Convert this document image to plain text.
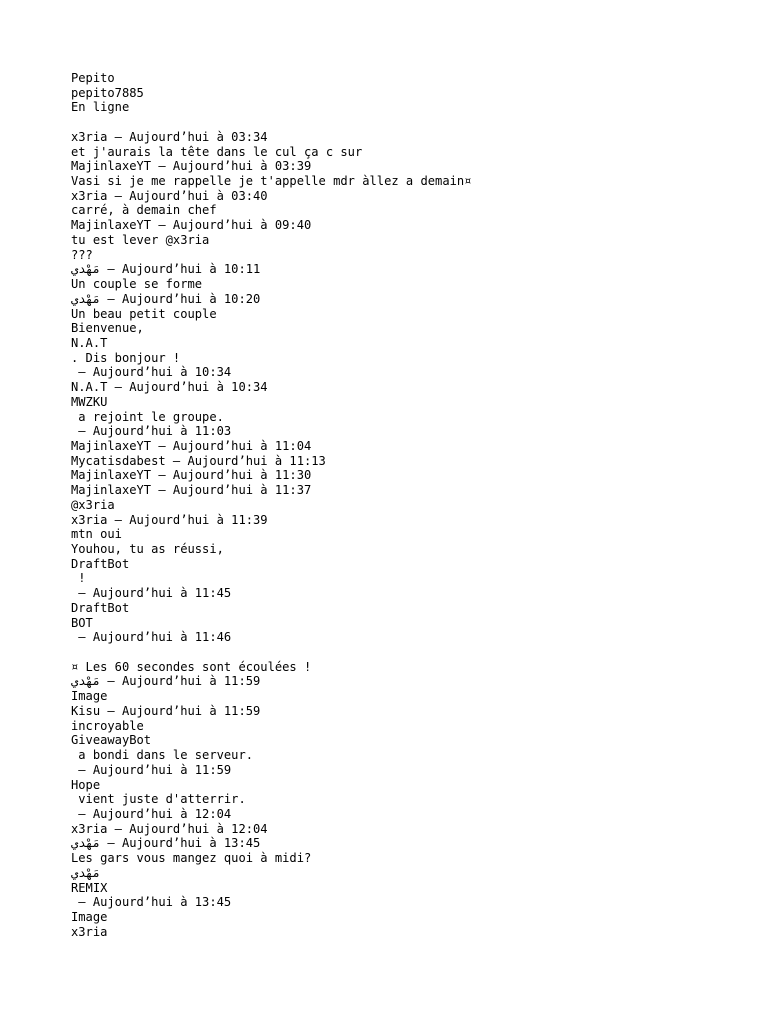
Pepito
pepito7885
En ligne
x3ria — Aujourd’hui à 03:34
et j'aurais la tête dans le cul ça c sur
MajinlaxeYT — Aujourd’hui à 03:39
Vasi si je me rappelle je t'appelle mdr àllez a demain¤
x3ria — Aujourd’hui à 03:40
carré, à demain chef
MajinlaxeYT — Aujourd’hui à 09:40
tu est lever @x3ria
???
مَهْدي — Aujourd’hui à 10:11
Un couple se forme
مَهْدي — Aujourd’hui à 10:20
Un beau petit couple
Bienvenue,
N.A.T
. Dis bonjour !
— Aujourd’hui à 10:34
N.A.T — Aujourd’hui à 10:34
MWZKU
a rejoint le groupe.
— Aujourd’hui à 11:03
MajinlaxeYT — Aujourd’hui à 11:04
Mycatisdabest — Aujourd’hui à 11:13
MajinlaxeYT — Aujourd’hui à 11:30
MajinlaxeYT — Aujourd’hui à 11:37
@x3ria
x3ria — Aujourd’hui à 11:39
mtn oui
Youhou, tu as réussi,
DraftBot
!
— Aujourd’hui à 11:45
DraftBot
BOT
— Aujourd’hui à 11:46
¤ Les 60 secondes sont écoulées !
مَهْدي — Aujourd’hui à 11:59
Image
Kisu — Aujourd’hui à 11:59
incroyable
GiveawayBot
a bondi dans le serveur.
— Aujourd’hui à 11:59
Hope
vient juste d'atterrir.
— Aujourd’hui à 12:04
x3ria — Aujourd’hui à 12:04
مَهْدي — Aujourd’hui à 13:45
Les gars vous mangez quoi à midi?
مَهْدي
REMIX
— Aujourd’hui à 13:45
Image
x3ria
